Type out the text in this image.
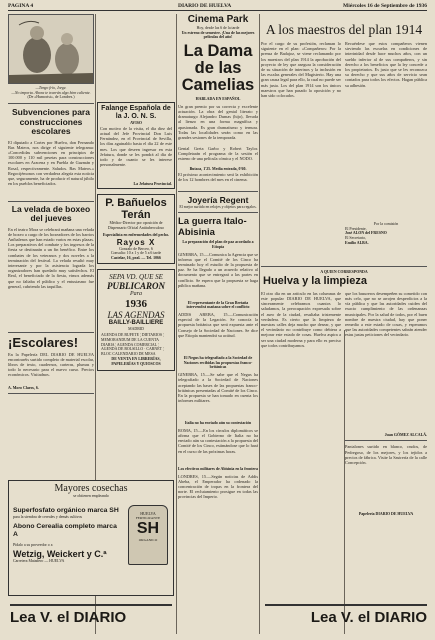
PAGINA 4	DIARIO DE HUELVA	Miércoles 16 de Septiembre de 1936
—Tengo frío, Jorge.
—No importa. Ahora te traerán algo bien caliente.
(De «Humorist», de Londres.)
Subvenciones para construcciones escolares
El diputado a Cortes por Huelva, don Fernando Bas Mateos, nos dirige el siguiente telegrama: «Concedidas subvenciones en principios de 100.000 y 110 mil pesetas para construcciones escolares en Aracena y en Puebla de Guzmán y Rosal, respectivamente. Saludos. Bas Mateos.» Regocijémonos con verdadera alegría esta noticia que, seguramente, ha de producir el natural júbilo en los pueblos beneficiados.
La velada de boxeo del jueves
En el teatro Mora se celebrará mañana una velada de boxeo a cargo de los boxeadores de los barrios Aníbalenos que han estado varios en estas plazas. Los preparativos del combate y los ingresos de la fiesta se destinarán a un fin benéfico. Entre los combates de los veteranos y dos noveles a la terminación del festival. La velada resultó muy interesante y por la asistencia lograda los organizadores han quedado muy satisfechos. El Real, el beneficiado de la fiesta, vimos además que no faltaba el público y el entusiasmo fue general, cubriendo las taquillas.
¡Escolares!
En la Papelería DEL DIARIO DE HUELVA encontraréis surtido completo de material escolar, libros de texto, cuadernos, carteras, plumas y todo lo necesario para el nuevo curso. Precios económicos. Visitadnos.
A. Moro Claros, 6.
Mayores cosechas
se obtienen empleando
Superfosfato orgánico marca SH
para la siembra de cereales y demás cultivos
Abono Cerealia completo marca A
Pídalo a su proveedor o a
Wetzig, Weickert y C.ª
Carretera Matadero — HUELVA
HUELVA
FERTILIZANTE
SH
ORGANICO
Lea V. el DIARIO
Falange Española de la J. O. N. S.
AVISO
Con motivo de la visita, el día diez del actual del Jefe Provincial Don Luis Fernández, en el Provincial de Sevilla, los días aguinaldo basta el día 22 de este mes. Los que deseen ingresar en esta Jefatura, donde se les pondrá al día de todo y de cuanto se les interese personalmente.
La Jefatura Provincial.
P. Bañuelos Terán
Médico-Director por oposición de Dispensario Oficial Antituberculoso
Especialista en enfermedades del pecho.
Rayos X
Gonzalo de Berceo, 6
Consulta: 10 a 1 y de 5 a 6 tarde
Castelar, 16, pral. — Tel. 1066
SEPA VD. QUE SE
PUBLICARON
Para
1936
LAS AGENDAS
BAILLY-BAILLIERE
MADRID
AGENDA DE BUFETE ¦ DIETARIOS ¦ MEMORANDUM DE LA CUENTA DIARIA ¦ AGENDA COMERCIAL ¦ AGENDA DE BOLSILLO · CARNET ¦ BLOC CALENDARIO DE MESA
DE VENTA EN LIBRERÍAS, PAPELERÍAS Y QUIOSCOS
Cinema Park
Hoy, desde las 6 de la tarde
Un estreno de semestre. ¡Una de las mejores películas del año!
La Dama de las Camelias
HABLADA EN ESPAÑOL
Un gran premio por su correcta y excelente actuación. La obra del genial literato y dramaturgo Alejandro Dumas (hijo), llevada al lienzo en una forma magnífica y apasionada. Es gran dramatismo y ternura. Todas las localidades serán como en las grandes sesiones de la temporada.
Genial Greta Garbo y Robert Taylor. Completarán el programa de la sesión el estreno de una película cómica y el NODO.
Butaca, 1'25. Media entrada, 0'60.
El próximo acontecimiento será la exhibición de los 12 hombres del mes en el cinema.
Joyería Regent
El mejor surtido en relojes y objetos para regalos.
La guerra Italo-Abisinia
La preparación del plan de paz acordado a Etiopía
GINEBRA, 15.—Comunica la Agencia que se informa que el Comité de los Cinco ha terminado hoy el estudio de la propuesta de paz. Se ha llegado a un acuerdo relativo al documento que se entregará a las partes en conflicto. Se espera que la propuesta se haga pública mañana.
El representante de la Gran Bretaña intervendrá mañana sobre el conflicto
ADDIS ABEBA, 15.—Comunicación especial de la Legación. Se conocía la propuesta británica que será expuesta ante el Consejo de la Sociedad de Naciones. Se dice que Etiopía mantendrá su actitud.
El Negus ha telegrafiado a la Sociedad de Naciones recibidas las propuestas franco-británicas
GINEBRA, 15.—Se sabe que el Negus ha telegrafiado a la Sociedad de Naciones aceptando las bases de las propuestas franco-británicas presentadas al Comité de los Cinco. En la propuesta se han tomado en cuenta los informes militares.
Italia no ha enviado aún su contestación
ROMA, 15.—En los círculos diplomáticos se afirma que el Gobierno de Italia no ha enviado aún su contestación a la propuesta del Comité de los Cinco, estimándose que lo hará en el curso de las próximas horas.
Los efectivos militares de Abisinia en la frontera
LONDRES, 15.—Según noticias de Addis Abeba, el Emperador ha ordenado la concentración de tropas en la frontera del norte. El reclutamiento prosigue en todas las provincias del Imperio.
A los maestros del plan 1914
Por el cargo de su profesión, reclaman lo siguiente en el plan: «Compañeros: Por la prensa de Badajoz, se viene reclamando por los maestros del plan 1914 la aprobación del proyecto de ley que asegura la consideración de su situación de interinos y la inclusión en las escalas generales del Magisterio. Hay una gran causa legal para ello, la cual no puede ser más justa. Los del plan 1914 son los únicos maestros que han pasado la oposición y no han sido colocados.
Recuérdese que estos compañeros vienen sirviendo las escuelas en condiciones de interinidad desde hace muchos años, con un sueldo inferior al de sus compañeros, y sin derecho a los beneficios que la ley concede a los propietarios. Es justo que se les reconozca su derecho y que sus años de servicio sean contados para todos los efectos. Hagan pública su adhesión.
Por la comisión
El Presidente,
José ALON del FRESNO
El Secretario,
Emilio ALBA.
A QUIEN CORRESPONDA
Huelva y la limpieza
El otro día en un artículo en las columnas de este popular DIARIO DE HUELVA, que sinceramente celebramos cuantos lo saludamos, la preocupación expresada sobre el aseo de la ciudad, resultaba tristemente verdadera. Es cierto que la limpieza de nuestras calles deja mucho que desear, y que el vecindario no contribuye como debiera a mejorar este estado de cosas. Huelva aspira a ser una ciudad moderna y para ello es preciso que todos contribuyamos.
que los basureros desempeñen su cometido con más celo, que no se arrojen desperdicios a la vía pública y que las autoridades cuiden del exacto cumplimiento de las ordenanzas municipales. Por la salud de todos, por el buen nombre de nuestra ciudad, hay que poner remedio a este estado de cosas, y esperamos que las autoridades competentes sabrán atender estas justas peticiones del vecindario.
Juan GÓMEZ ALCALÁ.
Pantalones surtido en blanco, crudos, de Pedregoso, de los mejores, y los tejidos a precios de fábrica. Visite la Sastrería de la calle Concepción.
Papelería DIARIO DE HUELVA
Lea V. el DIARIO
